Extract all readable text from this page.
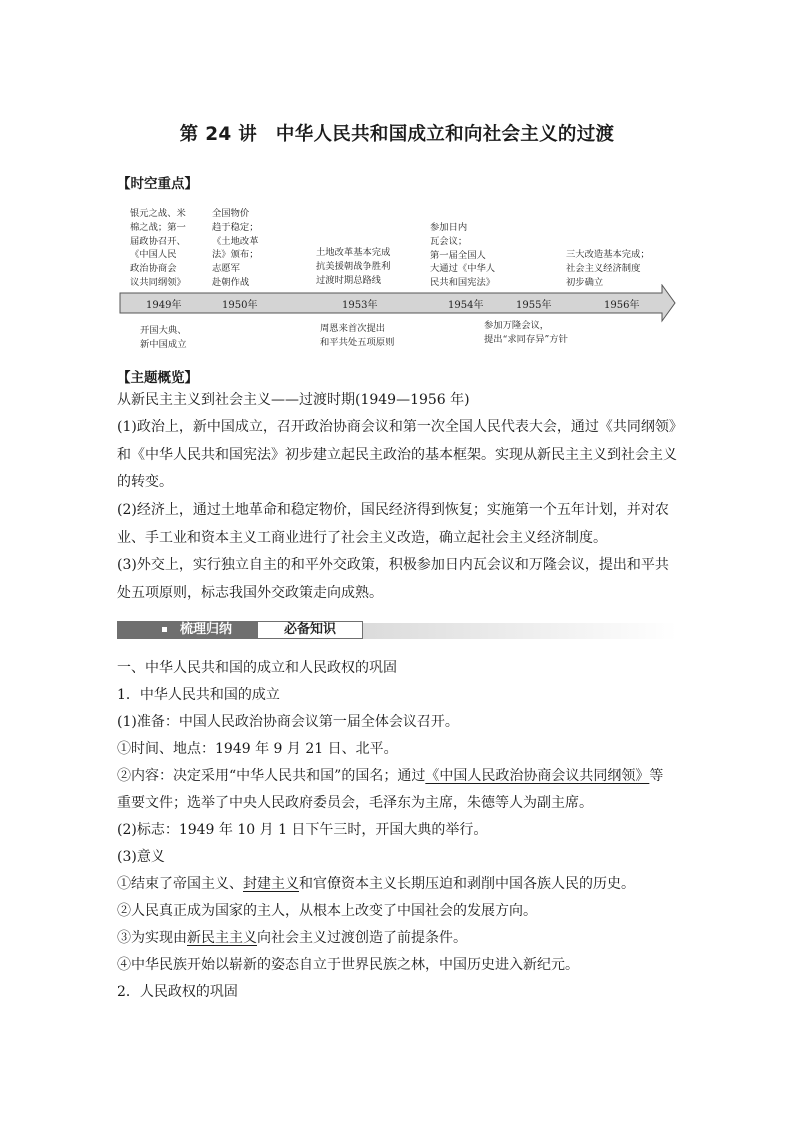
第 24 讲　中华人民共和国成立和向社会主义的过渡
【时空重点】
银元之战、米
棉之战；第一
届政协召开、
《中国人民
政治协商会
议共同纲领》
全国物价
趋于稳定；
《土地改革
法》颁布；
志愿军
赴朝作战
土地改革基本完成
抗美援朝战争胜利
过渡时期总路线
参加日内
瓦会议；
第一届全国人
大通过《中华人
民共和国宪法》
三大改造基本完成；
社会主义经济制度
初步确立
1949年	1950年	1953年	1954年	1955年	1956年
开国大典、
新中国成立
周恩来首次提出
和平共处五项原则
参加万隆会议，
提出“求同存异”方针
【主题概览】
从新民主主义到社会主义——过渡时期(1949—1956 年)
(1)政治上，新中国成立，召开政治协商会议和第一次全国人民代表大会，通过《共同纲领》和《中华人民共和国宪法》初步建立起民主政治的基本框架。实现从新民主主义到社会主义的转变。
(2)经济上，通过土地革命和稳定物价，国民经济得到恢复；实施第一个五年计划，并对农业、手工业和资本主义工商业进行了社会主义改造，确立起社会主义经济制度。
(3)外交上，实行独立自主的和平外交政策，积极参加日内瓦会议和万隆会议，提出和平共处五项原则，标志我国外交政策走向成熟。
梳理归纳	必备知识
一、中华人民共和国的成立和人民政权的巩固
1．中华人民共和国的成立
(1)准备：中国人民政治协商会议第一届全体会议召开。
①时间、地点：1949 年 9 月 21 日、北平。
②内容：决定采用“中华人民共和国”的国名；通过《中国人民政治协商会议共同纲领》等
重要文件；选举了中央人民政府委员会，毛泽东为主席，朱德等人为副主席。
(2)标志：1949 年 10 月 1 日下午三时，开国大典的举行。
(3)意义
①结束了帝国主义、封建主义和官僚资本主义长期压迫和剥削中国各族人民的历史。
②人民真正成为国家的主人，从根本上改变了中国社会的发展方向。
③为实现由新民主主义向社会主义过渡创造了前提条件。
④中华民族开始以崭新的姿态自立于世界民族之林，中国历史进入新纪元。
2．人民政权的巩固
